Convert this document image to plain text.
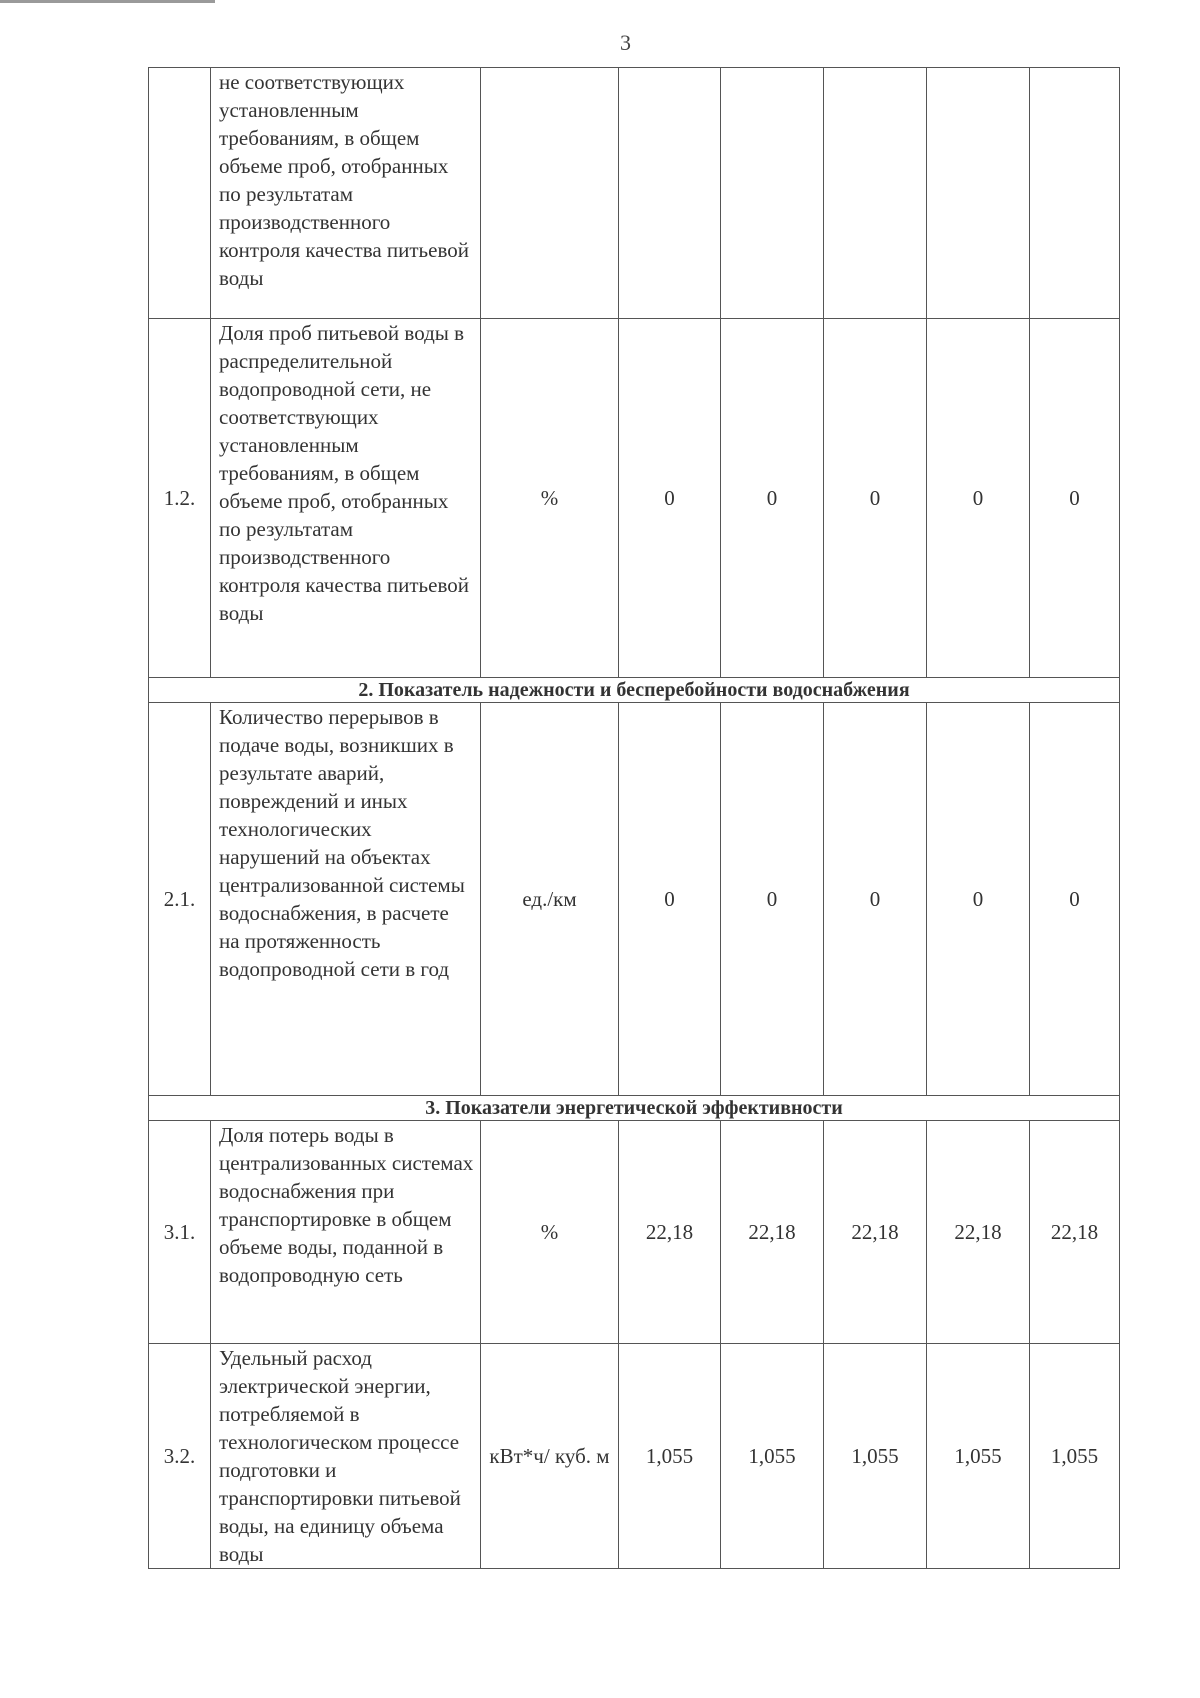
3
	не соответствующих установленным требованиям, в общем объеме проб, отобранных по результатам производственного контроля качества питьевой воды						
1.2.	Доля проб питьевой воды в распределительной водопроводной сети, не соответствующих установленным требованиям, в общем объеме проб, отобранных по результатам производственного контроля качества питьевой воды	%	0	0	0	0	0
2. Показатель надежности и бесперебойности водоснабжения							
2.1.	Количество перерывов в подаче воды, возникших в результате аварий, повреждений и иных технологических нарушений на объектах централизованной системы водоснабжения, в расчете на протяженность водопроводной сети в год	ед./км	0	0	0	0	0
3. Показатели энергетической эффективности							
3.1.	Доля потерь воды в централизованных системах водоснабжения при транспортировке в общем объеме воды, поданной в водопроводную сеть	%	22,18	22,18	22,18	22,18	22,18
3.2.	Удельный расход электрической энергии, потребляемой в технологическом процессе подготовки и транспортировки питьевой воды, на единицу объема воды	кВт*ч/ куб. м	1,055	1,055	1,055	1,055	1,055
